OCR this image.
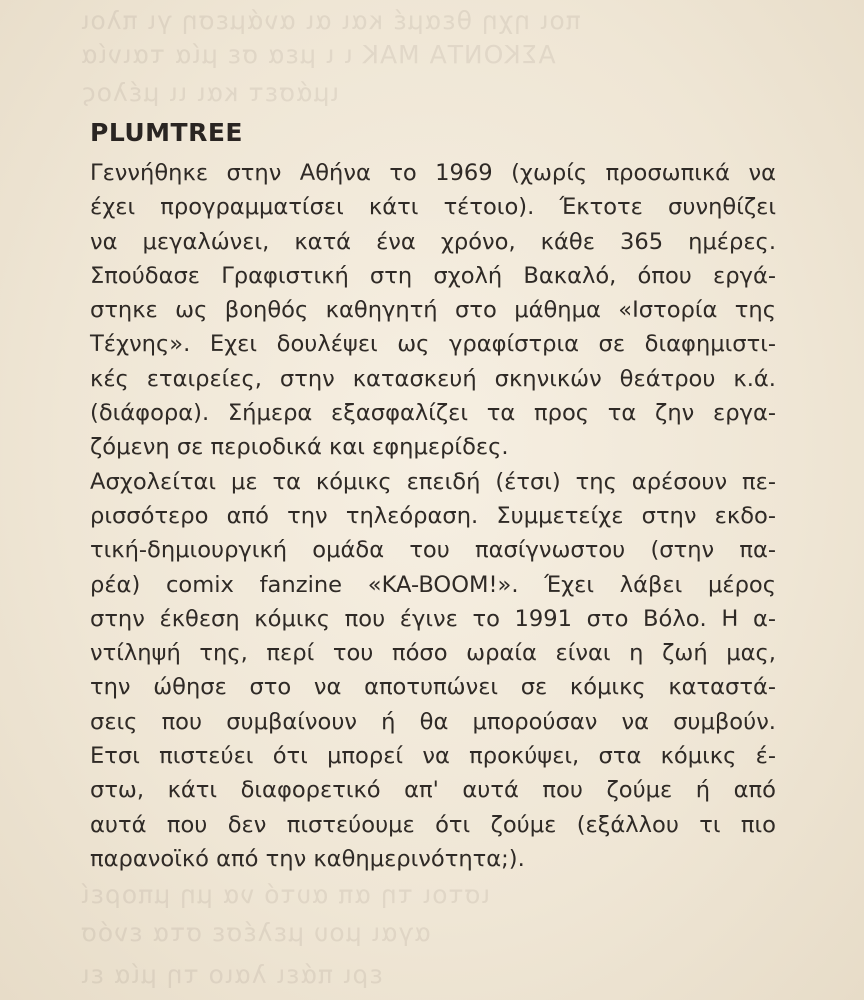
ποι ηχη θεαμέ και αι ανάμεση γι πλοι
ΑΣΚΟΝΤΑ ΜΑΚ ι ι μεα σε μία ταινία
ιμάσετ και ιι μέλος
ιστοι τη απ αυτό να μη μπορεί
αγαι μου μελέσε στα ενόσ
ερι πάει λαιο τη μία ει
PLUMTREE

Γεννήθηκε στην Αθήνα το 1969 (χωρίς προσωπικά να
έχει προγραμματίσει κάτι τέτοιο). Έκτοτε συνηθίζει
να μεγαλώνει, κατά ένα χρόνο, κάθε 365 ημέρες.
Σπούδασε Γραφιστική στη σχολή Βακαλό, όπου εργά-
στηκε ως βοηθός καθηγητή στο μάθημα «Ιστορία της
Τέχνης». Εχει δουλέψει ως γραφίστρια σε διαφημιστι-
κές εταιρείες, στην κατασκευή σκηνικών θεάτρου κ.ά.
(διάφορα). Σήμερα εξασφαλίζει τα προς τα ζην εργα-
ζόμενη σε περιοδικά και εφημερίδες.

Ασχολείται με τα κόμικς επειδή (έτσι) της αρέσουν πε-
ρισσότερο από την τηλεόραση. Συμμετείχε στην εκδο-
τική-δημιουργική ομάδα του πασίγνωστου (στην πα-
ρέα) comix fanzine «KA-BOOM!». Έχει λάβει μέρος
στην έκθεση κόμικς που έγινε το 1991 στο Βόλο. Η α-
ντίληψή της, περί του πόσο ωραία είναι η ζωή μας,
την ώθησε στο να αποτυπώνει σε κόμικς καταστά-
σεις που συμβαίνουν ή θα μπορούσαν να συμβούν.
Ετσι πιστεύει ότι μπορεί να προκύψει, στα κόμικς έ-
στω, κάτι διαφορετικό απ' αυτά που ζούμε ή από
αυτά που δεν πιστεύουμε ότι ζούμε (εξάλλου τι πιο
παρανοϊκό από την καθημερινότητα;).
